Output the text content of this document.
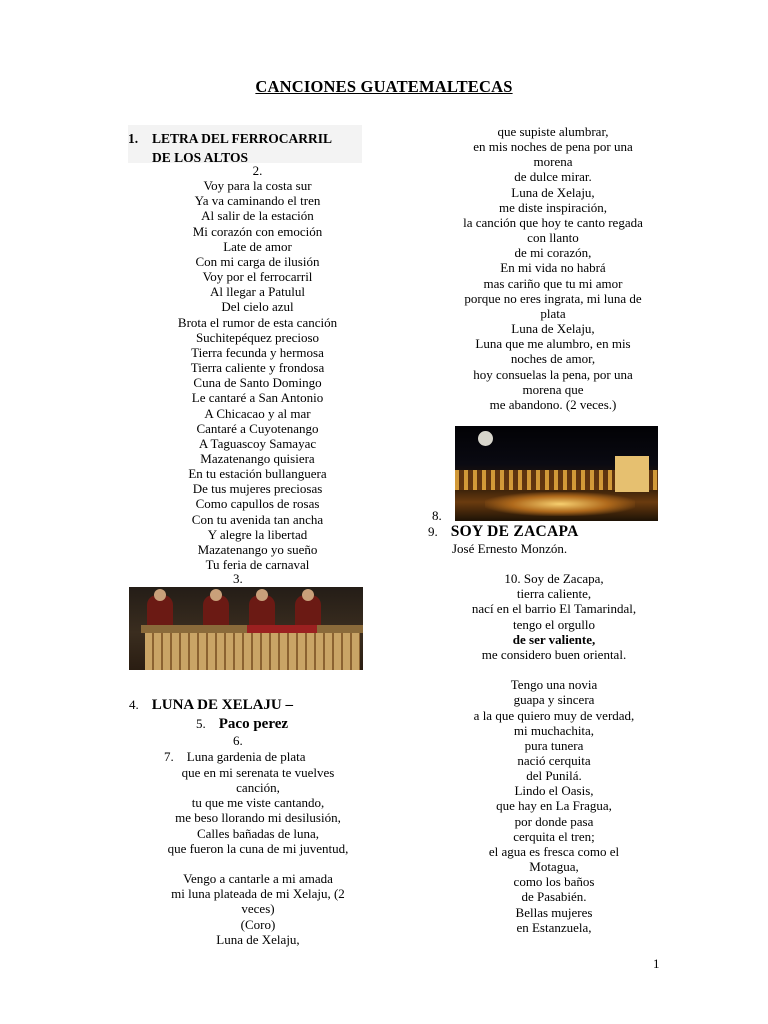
CANCIONES GUATEMALTECAS
1. LETRA DEL FERROCARRIL
DE LOS ALTOS
2.
Voy para la costa sur
Ya va caminando el tren
Al salir de la estación
Mi corazón con emoción
Late de amor
Con mi carga de ilusión
Voy por el ferrocarril
Al llegar a Patulul
Del cielo azul
Brota el rumor de esta canción
Suchitepéquez precioso
Tierra fecunda y hermosa
Tierra caliente y frondosa
Cuna de Santo Domingo
Le cantaré a San Antonio
A Chicacao y al mar
Cantaré a Cuyotenango
A Taguascoy Samayac
Mazatenango quisiera
En tu estación bullanguera
De tus mujeres preciosas
Como capullos de rosas
Con tu avenida tan ancha
Y alegre la libertad
Mazatenango yo sueño
Tu feria de carnaval
3.
4. LUNA DE XELAJU –
5. Paco perez
6.
7. Luna gardenia de plata
que en mi serenata te vuelves
canción,
tu que me viste cantando,
me beso llorando mi desilusión,
Calles bañadas de luna,
que fueron la cuna de mi juventud,
Vengo a cantarle a mi amada
mi luna plateada de mi Xelaju, (2
veces)
(Coro)
Luna de Xelaju,
que supiste alumbrar,
en mis noches de pena por una
morena
de dulce mirar.
Luna de Xelaju,
me diste inspiración,
la canción que hoy te canto regada
con llanto
de mi corazón,
En mi vida no habrá
mas cariño que tu mi amor
porque no eres ingrata, mi luna de
plata
Luna de Xelaju,
Luna que me alumbro, en mis
noches de amor,
hoy consuelas la pena, por una
morena que
me abandono. (2 veces.)
8.
9. SOY DE ZACAPA
José Ernesto Monzón.
10. Soy de Zacapa,
tierra caliente,
nací en el barrio El Tamarindal,
tengo el orgullo
de ser valiente,
me considero buen oriental.
Tengo una novia
guapa y sincera
a la que quiero muy de verdad,
mi muchachita,
pura tunera
nació cerquita
del Punilá.
Lindo el Oasis,
que hay en La Fragua,
por donde pasa
cerquita el tren;
el agua es fresca como el
Motagua,
como los baños
de Pasabién.
Bellas mujeres
en Estanzuela,
1
